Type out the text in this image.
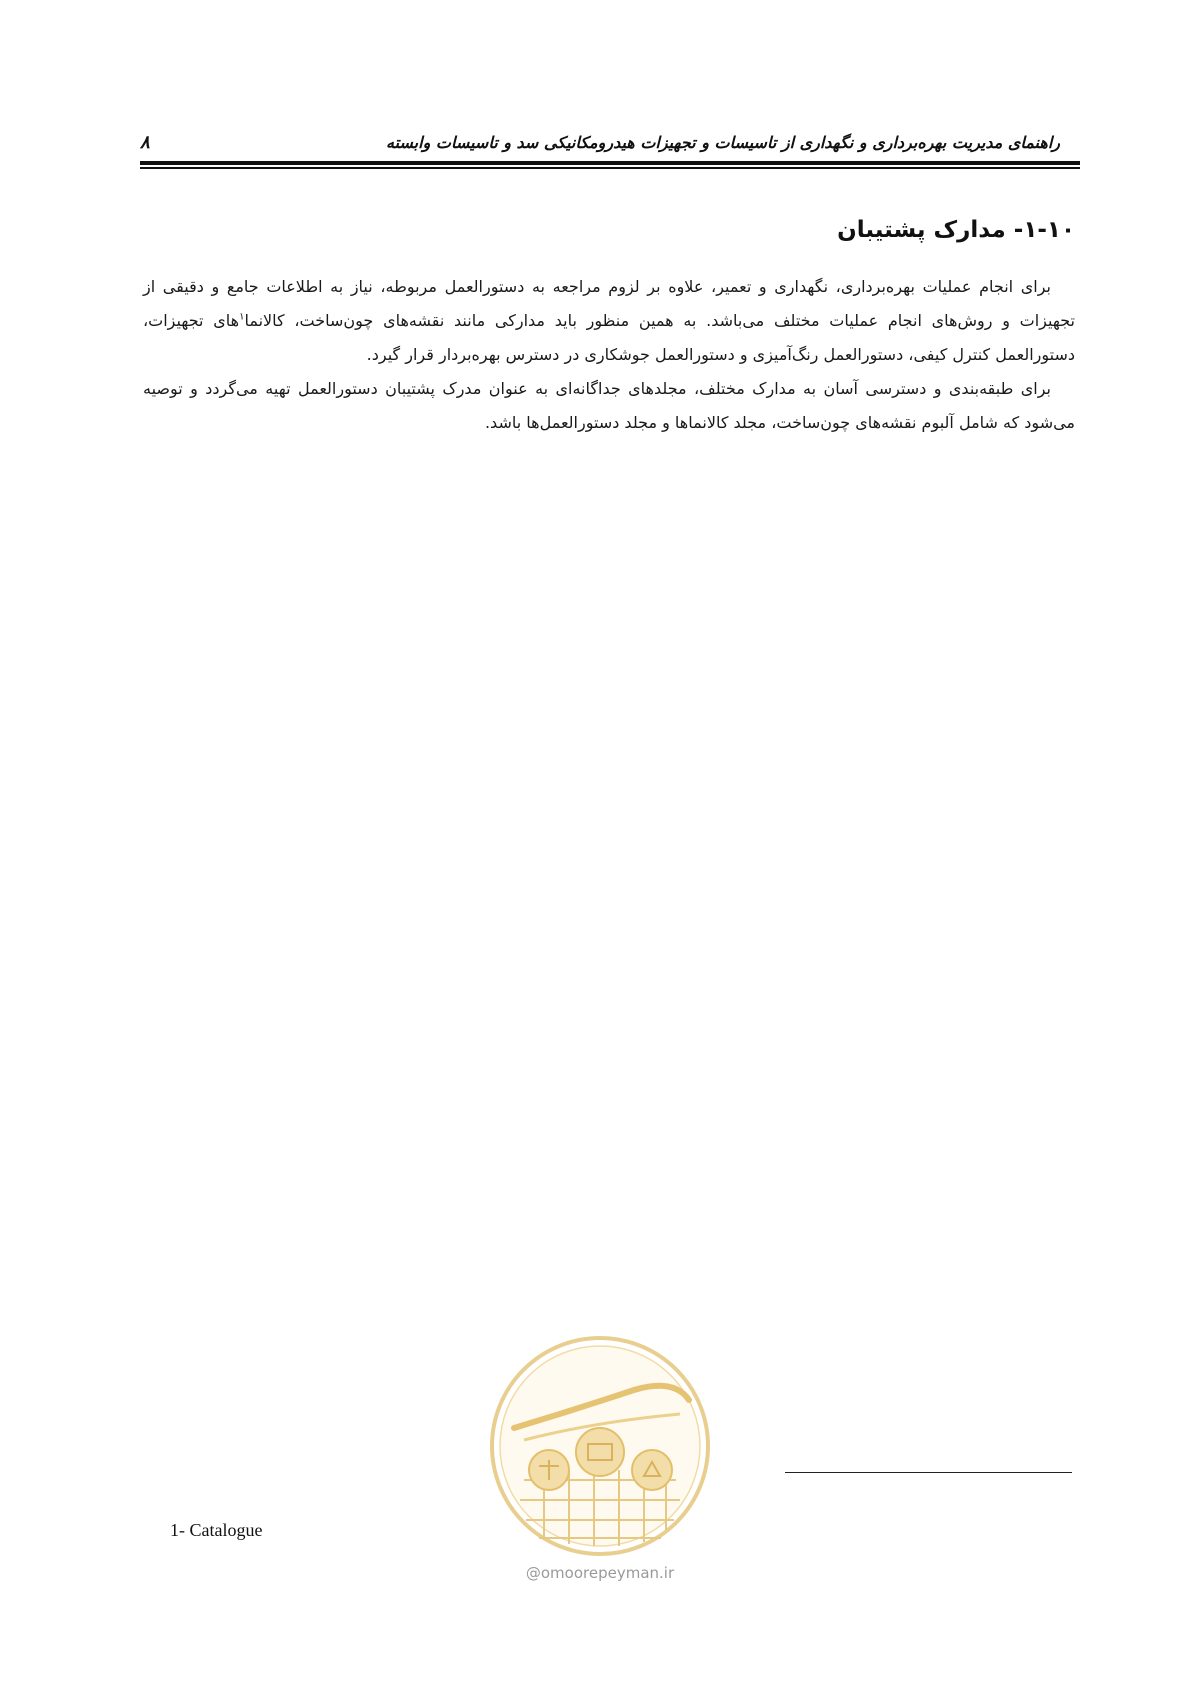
راهنمای مدیریت بهره‌برداری و نگهداری از تاسیسات و تجهیزات هیدرومکانیکی سد و تاسیسات وابسته
۸
۱-۱۰- مدارک پشتیبان

برای انجام عملیات بهره‌برداری، نگهداری و تعمیر، علاوه بر لزوم مراجعه به دستورالعمل مربوطه، نیاز به اطلاعات جامع و دقیقی از تجهیزات و روش‌های انجام عملیات مختلف می‌باشد. به همین منظور باید مدارکی مانند نقشه‌های چون‌ساخت، کالانما$^۱$های تجهیزات، دستورالعمل کنترل کیفی، دستورالعمل رنگ‌آمیزی و دستورالعمل جوشکاری در دسترس بهره‌بردار قرار گیرد.

برای طبقه‌بندی و دسترسی آسان به مدارک مختلف، مجلدهای جداگانه‌ای به عنوان مدرک پشتیبان دستورالعمل تهیه می‌گردد و توصیه می‌شود که شامل آلبوم نقشه‌های چون‌ساخت، مجلد کالانماها و مجلد دستورالعمل‌ها باشد.

1- Catalogue
@omoorepeyman.ir
